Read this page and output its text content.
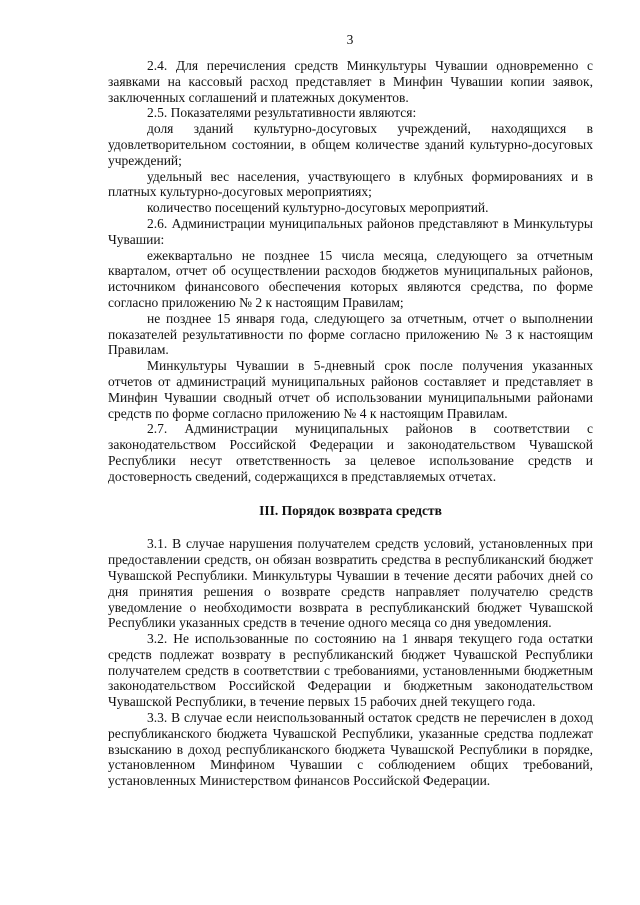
3

2.4. Для перечисления средств Минкультуры Чувашии одновременно с заявками на кассовый расход представляет в Минфин Чувашии копии заявок, заключенных соглашений и платежных документов.

2.5. Показателями результативности являются:

доля зданий культурно-досуговых учреждений, находящихся в удовлетворительном состоянии, в общем количестве зданий культурно-досуговых учреждений;

удельный вес населения, участвующего в клубных формированиях и в платных культурно-досуговых мероприятиях;

количество посещений культурно-досуговых мероприятий.

2.6. Администрации муниципальных районов представляют в Минкультуры Чувашии:

ежеквартально не позднее 15 числа месяца, следующего за отчетным кварталом, отчет об осуществлении расходов бюджетов муниципальных районов, источником финансового обеспечения которых являются средства, по форме согласно приложению № 2 к настоящим Правилам;

не позднее 15 января года, следующего за отчетным, отчет о выполнении показателей результативности по форме согласно приложению № 3 к настоящим Правилам.

Минкультуры Чувашии в 5-дневный срок после получения указанных отчетов от администраций муниципальных районов составляет и представляет в Минфин Чувашии сводный отчет об использовании муниципальными районами средств по форме согласно приложению № 4 к настоящим Правилам.

2.7. Администрации муниципальных районов в соответствии с законодательством Российской Федерации и законодательством Чувашской Республики несут ответственность за целевое использование средств и достоверность сведений, содержащихся в представляемых отчетах.

III. Порядок возврата средств

3.1. В случае нарушения получателем средств условий, установленных при предоставлении средств, он обязан возвратить средства в республиканский бюджет Чувашской Республики. Минкультуры Чувашии в течение десяти рабочих дней со дня принятия решения о возврате средств направляет получателю средств уведомление о необходимости возврата в республиканский бюджет Чувашской Республики указанных средств в течение одного месяца со дня уведомления.

3.2. Не использованные по состоянию на 1 января текущего года остатки средств подлежат возврату в республиканский бюджет Чувашской Республики получателем средств в соответствии с требованиями, установленными бюджетным законодательством Российской Федерации и бюджетным законодательством Чувашской Республики, в течение первых 15 рабочих дней текущего года.

3.3. В случае если неиспользованный остаток средств не перечислен в доход республиканского бюджета Чувашской Республики, указанные средства подлежат взысканию в доход республиканского бюджета Чувашской Республики в порядке, установленном Минфином Чувашии с соблюдением общих требований, установленных Министерством финансов Российской Федерации.
